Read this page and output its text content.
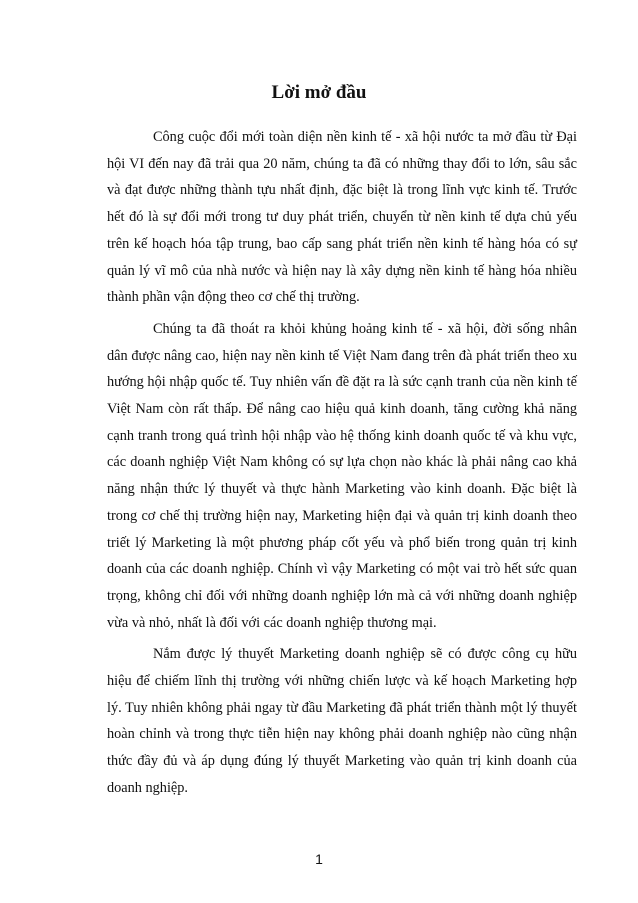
Lời mở đầu

Công cuộc đổi mới toàn diện nền kinh tế - xã hội nước ta mở đầu từ Đại hội VI đến nay đã trải qua 20 năm, chúng ta đã có những thay đổi to lớn, sâu sắc và đạt được những thành tựu nhất định, đặc biệt là trong lĩnh vực kinh tế. Trước hết đó là sự đổi mới trong tư duy phát triển, chuyển từ nền kinh tế dựa chủ yếu trên kế hoạch hóa tập trung, bao cấp sang phát triển nền kinh tế hàng hóa có sự quản lý vĩ mô của nhà nước và hiện nay là xây dựng nền kinh tế hàng hóa nhiều thành phần vận động theo cơ chế thị trường.

Chúng ta đã thoát ra khỏi khủng hoảng kinh tế - xã hội, đời sống nhân dân được nâng cao, hiện nay nền kinh tế Việt Nam đang trên đà phát triển theo xu hướng hội nhập quốc tế. Tuy nhiên vấn đề đặt ra là sức cạnh tranh của nền kinh tế Việt Nam còn rất thấp. Để nâng cao hiệu quả kinh doanh, tăng cường khả năng cạnh tranh trong quá trình hội nhập vào hệ thống kinh doanh quốc tế và khu vực, các doanh nghiệp Việt Nam không có sự lựa chọn nào khác là phải nâng cao khả năng nhận thức lý thuyết và thực hành Marketing vào kinh doanh. Đặc biệt là trong cơ chế thị trường hiện nay, Marketing hiện đại và quản trị kinh doanh theo triết lý Marketing là một phương pháp cốt yếu và phổ biến trong quản trị kinh doanh của các doanh nghiệp. Chính vì vậy Marketing có một vai trò hết sức quan trọng, không chỉ đối với những doanh nghiệp lớn mà cả với những doanh nghiệp vừa và nhỏ, nhất là đối với các doanh nghiệp thương mại.

Nắm được lý thuyết Marketing doanh nghiệp sẽ có được công cụ hữu hiệu để chiếm lĩnh thị trường với những chiến lược và kế hoạch Marketing hợp lý. Tuy nhiên không phải ngay từ đầu Marketing đã phát triển thành một lý thuyết hoàn chỉnh và trong thực tiễn hiện nay không phải doanh nghiệp nào cũng nhận thức đầy đủ và áp dụng đúng lý thuyết Marketing vào quản trị kinh doanh của doanh nghiệp.

1
